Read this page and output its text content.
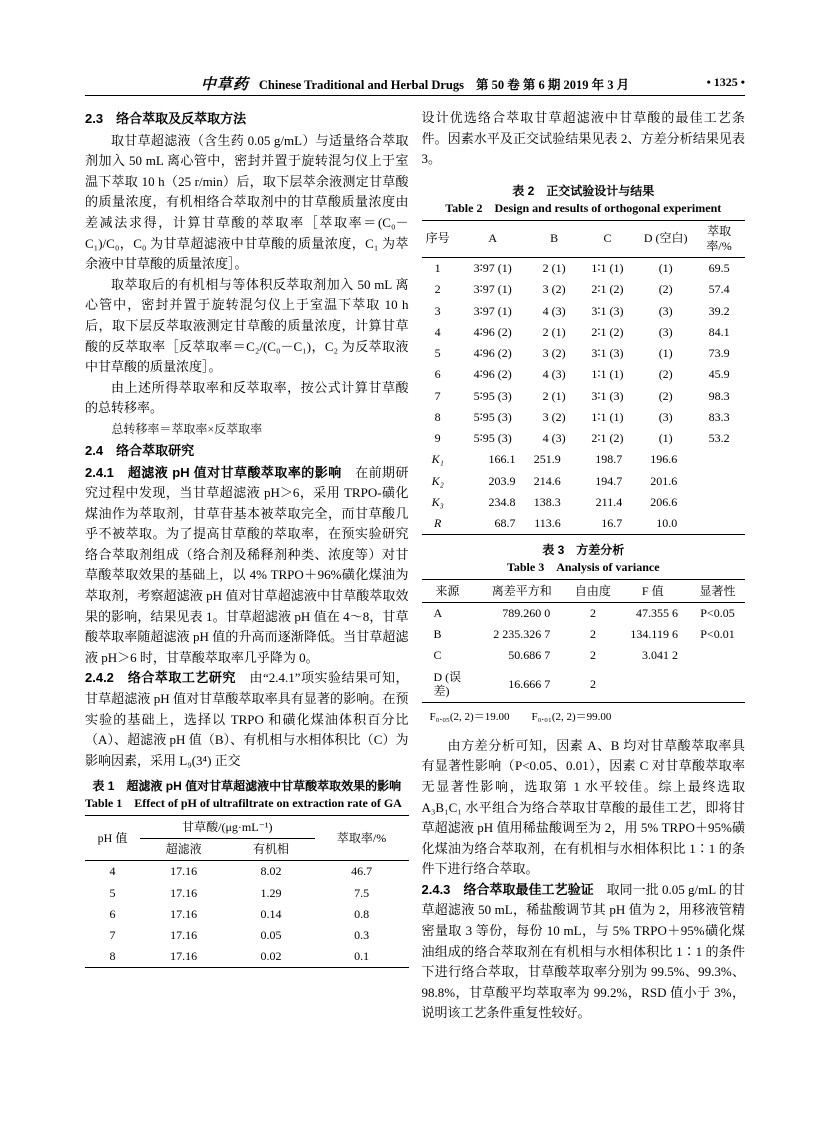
中草药 Chinese Traditional and Herbal Drugs 第 50 卷 第 6 期 2019 年 3 月	• 1325 •

2.3　络合萃取及反萃取方法

取甘草超滤液（含生药 0.05 g/mL）与适量络合萃取剂加入 50 mL 离心管中，密封并置于旋转混匀仪上于室温下萃取 10 h（25 r/min）后，取下层萃余液测定甘草酸的质量浓度，有机相络合萃取剂中的甘草酸质量浓度由差减法求得，计算甘草酸的萃取率［萃取率＝(C₀－C₁)/C₀，C₀ 为甘草超滤液中甘草酸的质量浓度，C₁ 为萃余液中甘草酸的质量浓度］。

取萃取后的有机相与等体积反萃取剂加入 50 mL 离心管中，密封并置于旋转混匀仪上于室温下萃取 10 h 后，取下层反萃取液测定甘草酸的质量浓度，计算甘草酸的反萃取率［反萃取率＝C₂/(C₀－C₁)，C₂ 为反萃取液中甘草酸的质量浓度］。

由上述所得萃取率和反萃取率，按公式计算甘草酸的总转移率。

总转移率＝萃取率×反萃取率

2.4　络合萃取研究

2.4.1　超滤液 pH 值对甘草酸萃取率的影响　在前期研究过程中发现，当甘草超滤液 pH＞6，采用 TRPO-磺化煤油作为萃取剂，甘草苷基本被萃取完全，而甘草酸几乎不被萃取。为了提高甘草酸的萃取率，在预实验研究络合萃取剂组成（络合剂及稀释剂种类、浓度等）对甘草酸萃取效果的基础上，以 4% TRPO＋96%磺化煤油为萃取剂，考察超滤液 pH 值对甘草超滤液中甘草酸萃取效果的影响，结果见表 1。甘草超滤液 pH 值在 4～8，甘草酸萃取率随超滤液 pH 值的升高而逐渐降低。当甘草超滤液 pH＞6 时，甘草酸萃取率几乎降为 0。

2.4.2　络合萃取工艺研究　由“2.4.1”项实验结果可知，甘草超滤液 pH 值对甘草酸萃取率具有显著的影响。在预实验的基础上，选择以 TRPO 和磺化煤油体积百分比（A）、超滤液 pH 值（B）、有机相与水相体积比（C）为影响因素，采用 L₉(3⁴) 正交

表 1　超滤液 pH 值对甘草超滤液中甘草酸萃取效果的影响

Table 1　Effect of pH of ultrafiltrate on extraction rate of GA

pH 值	甘草酸/(μg·mL⁻¹)		萃取率/%
	超滤液	有机相	
4	17.16	8.02	46.7
5	17.16	1.29	7.5
6	17.16	0.14	0.8
7	17.16	0.05	0.3
8	17.16	0.02	0.1

设计优选络合萃取甘草超滤液中甘草酸的最佳工艺条件。因素水平及正交试验结果见表 2、方差分析结果见表 3。

表 2　正交试验设计与结果

Table 2　Design and results of orthogonal experiment

序号	A	B	C	D (空白)	萃取率/%
1	3∶97 (1)	2 (1)	1∶1 (1)	(1)	69.5
2	3∶97 (1)	3 (2)	2∶1 (2)	(2)	57.4
3	3∶97 (1)	4 (3)	3∶1 (3)	(3)	39.2
4	4∶96 (2)	2 (1)	2∶1 (2)	(3)	84.1
5	4∶96 (2)	3 (2)	3∶1 (3)	(1)	73.9
6	4∶96 (2)	4 (3)	1∶1 (1)	(2)	45.9
7	5∶95 (3)	2 (1)	3∶1 (3)	(2)	98.3
8	5∶95 (3)	3 (2)	1∶1 (1)	(3)	83.3
9	5∶95 (3)	4 (3)	2∶1 (2)	(1)	53.2
K₁	166.1	251.9	198.7	196.6	
K₂	203.9	214.6	194.7	201.6	
K₃	234.8	138.3	211.4	206.6	
R	68.7	113.6	16.7	10.0	

表 3　方差分析

Table 3　Analysis of variance

来源	离差平方和	自由度	F 值	显著性
A	789.260 0	2	47.355 6	P<0.05
B	2 235.326 7	2	134.119 6	P<0.01
C	50.686 7	2	3.041 2	
D (误差)	16.666 7	2		

F₀.₀₅(2, 2)＝19.00　　F₀.₀₁(2, 2)＝99.00

由方差分析可知，因素 A、B 均对甘草酸萃取率具有显著性影响（P<0.05、0.01），因素 C 对甘草酸萃取率无显著性影响，选取第 1 水平较佳。综上最终选取 A₃B₁C₁ 水平组合为络合萃取甘草酸的最佳工艺，即将甘草超滤液 pH 值用稀盐酸调至为 2，用 5% TRPO＋95%磺化煤油为络合萃取剂，在有机相与水相体积比 1∶1 的条件下进行络合萃取。

2.4.3　络合萃取最佳工艺验证　取同一批 0.05 g/mL 的甘草超滤液 50 mL，稀盐酸调节其 pH 值为 2，用移液管精密量取 3 等份，每份 10 mL，与 5% TRPO＋95%磺化煤油组成的络合萃取剂在有机相与水相体积比 1∶1 的条件下进行络合萃取，甘草酸萃取率分别为 99.5%、99.3%、98.8%，甘草酸平均萃取率为 99.2%，RSD 值小于 3%，说明该工艺条件重复性较好。
